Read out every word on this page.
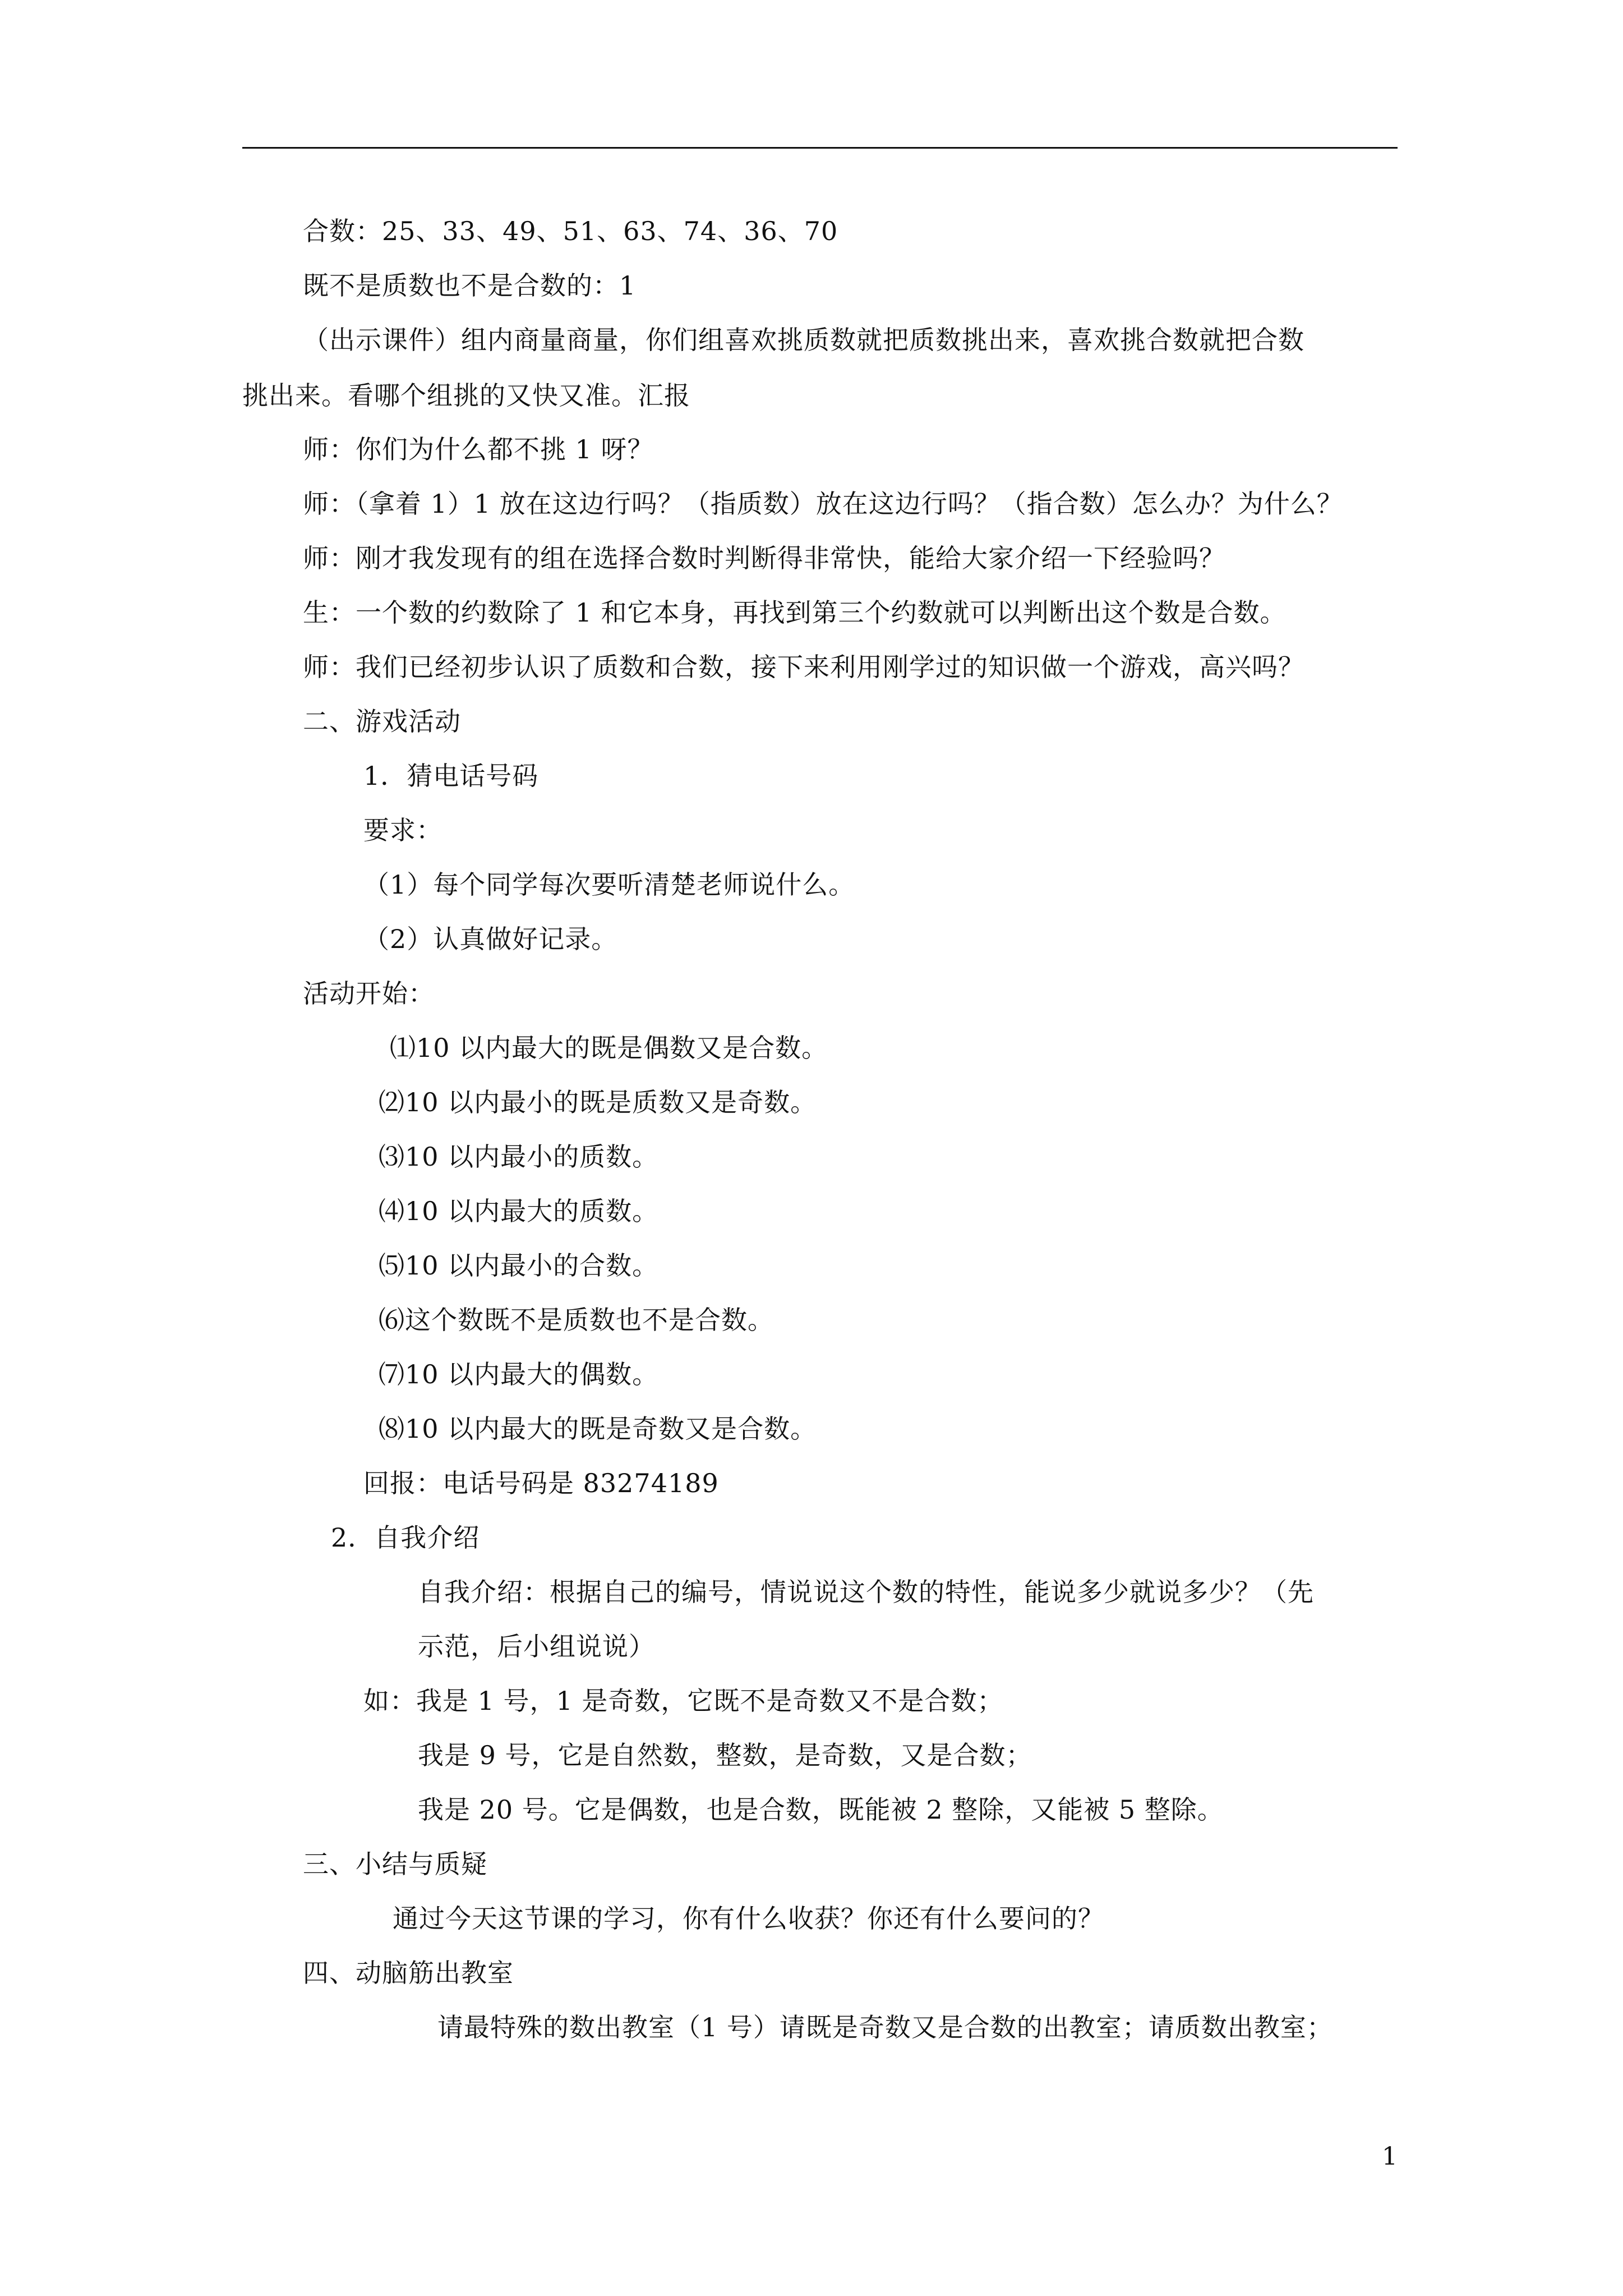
合数：25、33、49、51、63、74、36、70
既不是质数也不是合数的：1
（出示课件）组内商量商量，你们组喜欢挑质数就把质数挑出来，喜欢挑合数就把合数
挑出来。看哪个组挑的又快又准。汇报
师：你们为什么都不挑 1 呀？
师：（拿着 1）1 放在这边行吗？（指质数）放在这边行吗？（指合数）怎么办？为什么？
师：刚才我发现有的组在选择合数时判断得非常快，能给大家介绍一下经验吗？
生：一个数的约数除了 1 和它本身，再找到第三个约数就可以判断出这个数是合数。
师：我们已经初步认识了质数和合数，接下来利用刚学过的知识做一个游戏，高兴吗？
二、游戏活动
1．猜电话号码
要求：
（1）每个同学每次要听清楚老师说什么。
（2）认真做好记录。
活动开始：
⑴10 以内最大的既是偶数又是合数。
⑵10 以内最小的既是质数又是奇数。
⑶10 以内最小的质数。
⑷10 以内最大的质数。
⑸10 以内最小的合数。
⑹这个数既不是质数也不是合数。
⑺10 以内最大的偶数。
⑻10 以内最大的既是奇数又是合数。
回报：电话号码是 83274189
2．自我介绍
自我介绍：根据自己的编号，情说说这个数的特性，能说多少就说多少？（先
示范，后小组说说）
如：我是 1 号，1 是奇数，它既不是奇数又不是合数；
我是 9 号，它是自然数，整数，是奇数，又是合数；
我是 20 号。它是偶数，也是合数，既能被 2 整除，又能被 5 整除。
三、小结与质疑
通过今天这节课的学习，你有什么收获？你还有什么要问的？
四、动脑筋出教室
请最特殊的数出教室（1 号）请既是奇数又是合数的出教室；请质数出教室；
1
